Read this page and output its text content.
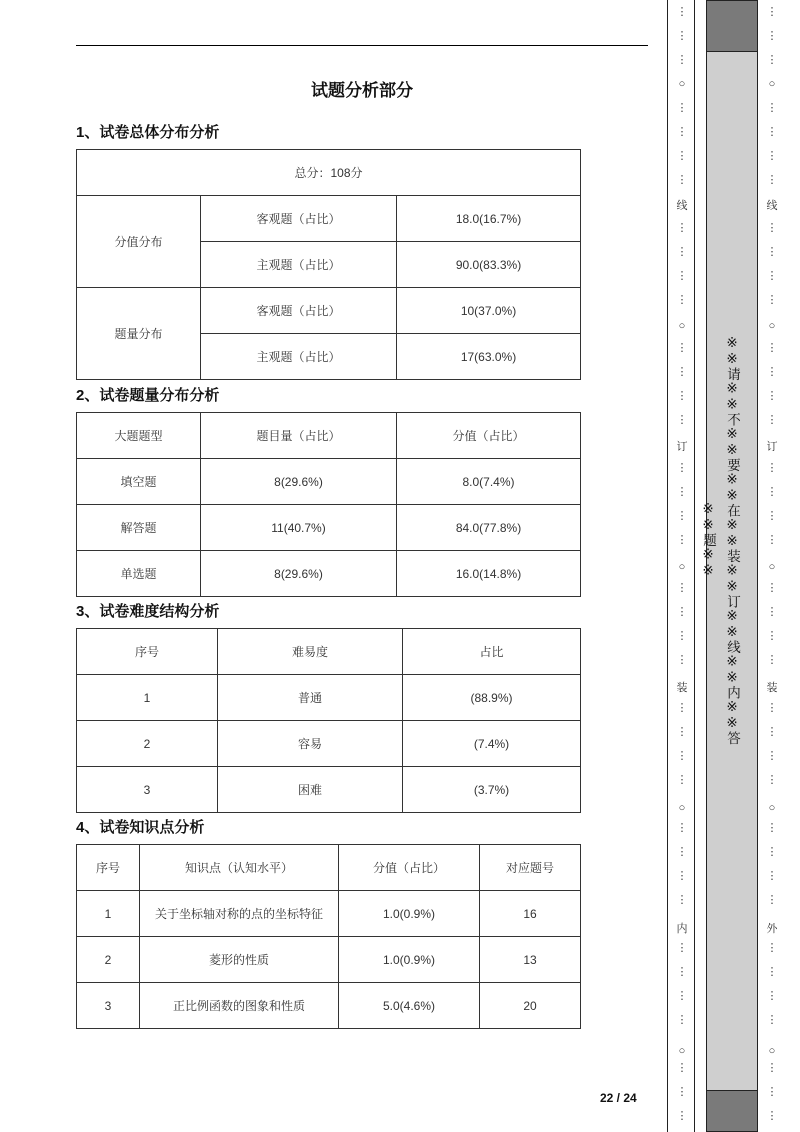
试题分析部分
1、试卷总体分布分析
总分：108分		
分值分布	客观题（占比）	18.0(16.7%)
	主观题（占比）	90.0(83.3%)
题量分布	客观题（占比）	10(37.0%)
	主观题（占比）	17(63.0%)
2、试卷题量分布分析
大题题型	题目量（占比）	分值（占比）
填空题	8(29.6%)	8.0(7.4%)
解答题	11(40.7%)	84.0(77.8%)
单选题	8(29.6%)	16.0(14.8%)
3、试卷难度结构分析
序号	难易度	占比
1	普通	(88.9%)
2	容易	(7.4%)
3	困难	(3.7%)
4、试卷知识点分析
序号	知识点（认知水平）	分值（占比）	对应题号
1	关于坐标轴对称的点的坐标特征	1.0(0.9%)	16
2	菱形的性质	1.0(0.9%)	13
3	正比例函数的图象和性质	5.0(4.6%)	20
22 / 24
○
○
○
○
○
线
订
装
内
⋮
⋮
⋮
⋮
⋮
⋮
⋮
⋮
⋮
⋮
⋮
⋮
⋮
⋮
⋮
⋮
⋮
⋮
⋮
⋮
⋮
⋮
⋮
⋮
⋮
⋮
⋮
⋮
⋮
⋮
⋮
⋮
⋮
⋮
⋮
⋮
⋮
⋮
※※请※※不※※要※※在※※装※※订※※线※※内※※答※※题※※
○
○
○
○
○
线
订
装
外
⋮
⋮
⋮
⋮
⋮
⋮
⋮
⋮
⋮
⋮
⋮
⋮
⋮
⋮
⋮
⋮
⋮
⋮
⋮
⋮
⋮
⋮
⋮
⋮
⋮
⋮
⋮
⋮
⋮
⋮
⋮
⋮
⋮
⋮
⋮
⋮
⋮
⋮
